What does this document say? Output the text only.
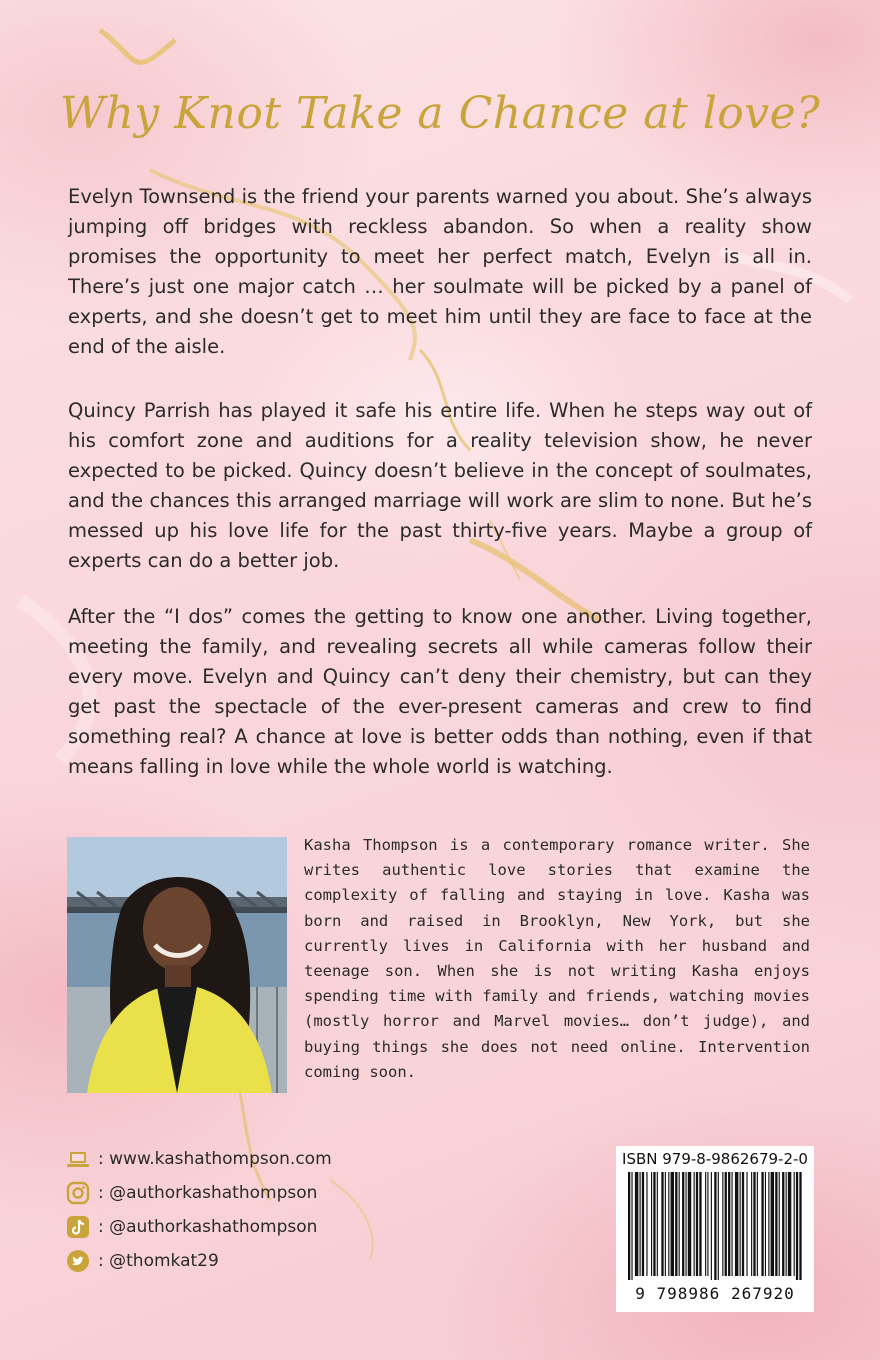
Why Knot Take a Chance at love?

Evelyn Townsend is the friend your parents warned you about. She’s always jumping off bridges with reckless abandon. So when a reality show promises the opportunity to meet her perfect match, Evelyn is all in. There’s just one major catch … her soulmate will be picked by a panel of experts, and she doesn’t get to meet him until they are face to face at the end of the aisle.

Quincy Parrish has played it safe his entire life. When he steps way out of his comfort zone and auditions for a reality television show, he never expected to be picked. Quincy doesn’t believe in the concept of soulmates, and the chances this arranged marriage will work are slim to none. But he’s messed up his love life for the past thirty-five years. Maybe a group of experts can do a better job.

After the “I dos” comes the getting to know one another. Living together, meeting the family, and revealing secrets all while cameras follow their every move. Evelyn and Quincy can’t deny their chemistry, but can they get past the spectacle of the ever-present cameras and crew to find something real? A chance at love is better odds than nothing, even if that means falling in love while the whole world is watching.

Kasha Thompson is a contemporary romance writer. She writes authentic love stories that examine the complexity of falling and staying in love. Kasha was born and raised in Brooklyn, New York, but she currently lives in California with her husband and teenage son. When she is not writing Kasha enjoys spending time with family and friends, watching movies (mostly horror and Marvel movies… don’t judge), and buying things she does not need online. Intervention coming soon.

: www.kashathompson.com
: @authorkashathompson
: @authorkashathompson
: @thomkat29
ISBN 979-8-9862679-2-0
9 798986 267920
